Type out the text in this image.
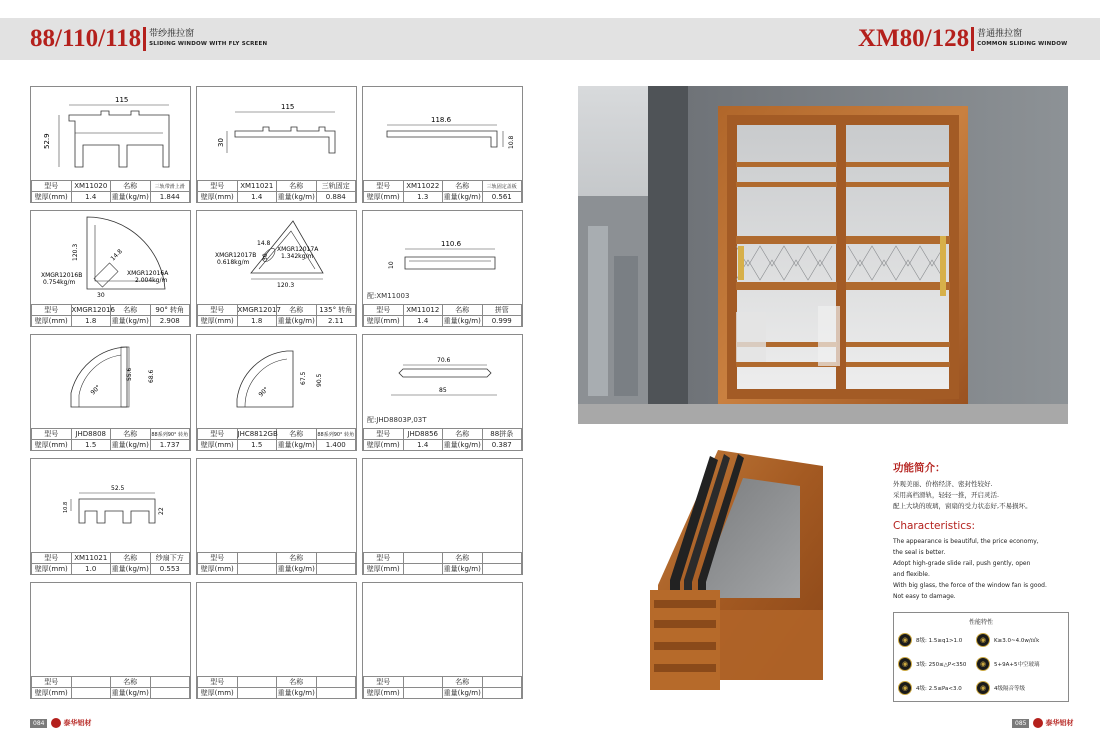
88/110/118 带纱推拉窗
SLIDING WINDOW WITH FLY SCREEN	XM80/128 普通推拉窗
COMMON SLIDING WINDOW
115
52.9
型号	XM11020	名称	三轨带滑上滑
壁厚(mm)	1.4	重量(kg/m)	1.844
115
30
型号	XM11021	名称	三轨固定
壁厚(mm)	1.4	重量(kg/m)	0.884
118.6
10.8
型号	XM11022	名称	三轨固定盖板
壁厚(mm)	1.3	重量(kg/m)	0.561
120.3	14.8
30
XMGR12016B
0.754kg/m
XMGR12016A
2.004kg/m
型号	XMGR12016	名称	90° 转角
壁厚(mm)	1.8	重量(kg/m)	2.908
120.3
14.8
30
XMGR12017B
0.618kg/m
XMGR12017A
1.342kg/m
型号	XMGR12017	名称	135° 转角
壁厚(mm)	1.8	重量(kg/m)	2.11
110.6
10
配:XM11003
型号	XM11012	名称	拼管
壁厚(mm)	1.4	重量(kg/m)	0.999
55.6	68.6
90°
型号	JHD8808	名称	88系列90° 转角
壁厚(mm)	1.5	重量(kg/m)	1.737
67.5 90.5
90°
型号	JHC8812GB	名称	88系列90° 转角
壁厚(mm)	1.5	重量(kg/m)	1.400
70.6
85
配:JHD8803P,03T
型号	JHD8856	名称	88拼条
壁厚(mm)	1.4	重量(kg/m)	0.387
52.5
10.8	22
型号	XM11021	名称	纱扇下方
壁厚(mm)	1.0	重量(kg/m)	0.553
型号		名称	
壁厚(mm)		重量(kg/m)	
型号		名称	
壁厚(mm)		重量(kg/m)	
型号		名称	
壁厚(mm)		重量(kg/m)	
型号		名称	
壁厚(mm)		重量(kg/m)	
型号		名称	
壁厚(mm)		重量(kg/m)	
功能简介：
外观美丽、价格经济、密封性较好.
采用高档滑轨，轻轻一推，开启灵活.
配上大块的玻璃，窗扇的受力状态好,不易损坏。
Characteristics:
The appearance is beautiful, the price economy,
the seal is better.
Adopt high-grade slide rail, push gently, open
and flexible.
With big glass, the force of the window fan is good.
Not easy to damage.
性能特性
◉	8级: 1.5≥q1>1.0	◉	K≥3.0~4.0w/㎡k
◉	3级: 250≤△P<350	◉	5+9A+5中空玻璃
◉	4级: 2.5≤Pa<3.0	◉	4级隔音等级
084	泰华铝材	085	泰华铝材
